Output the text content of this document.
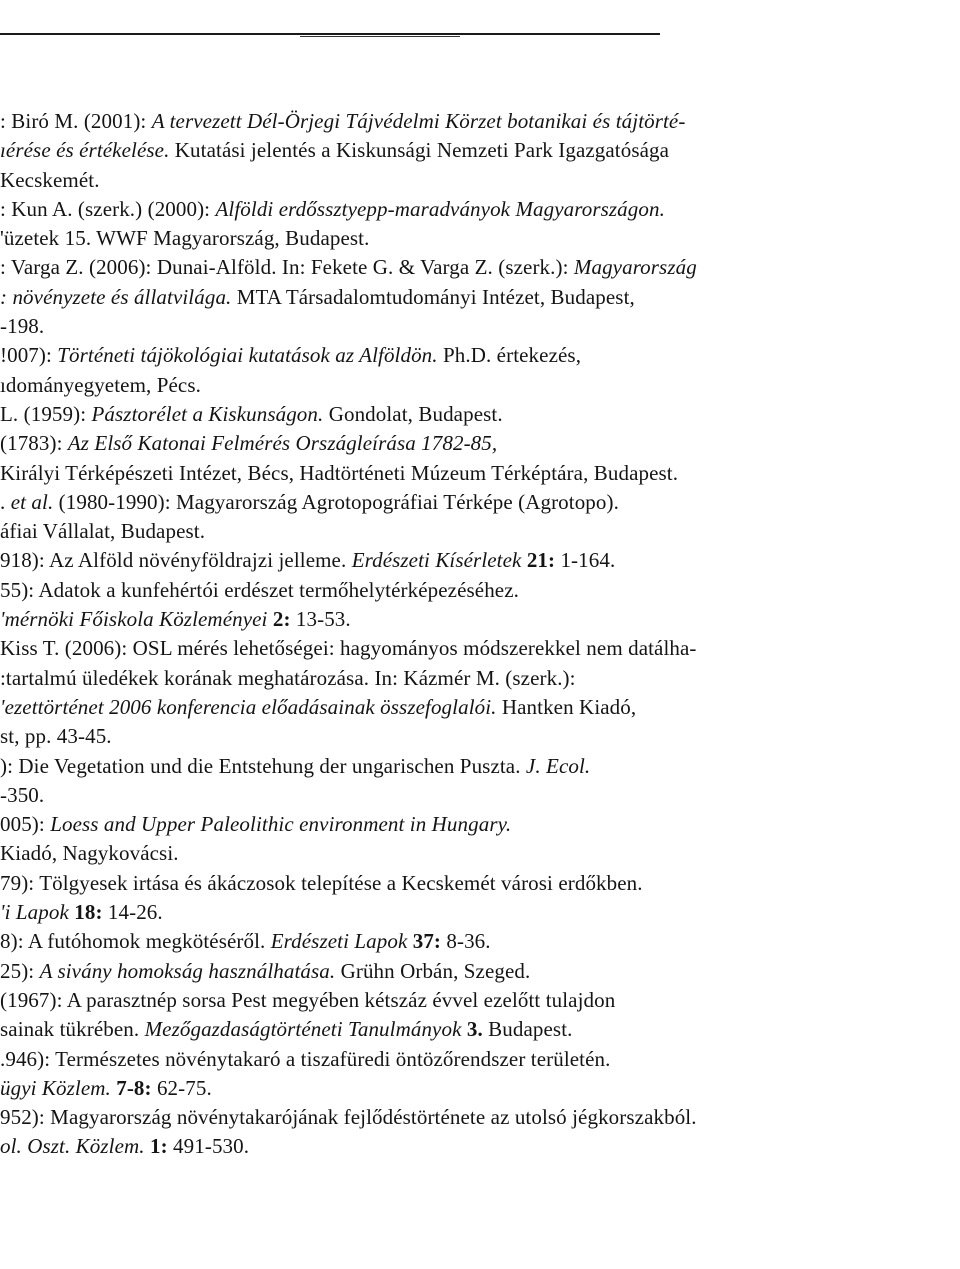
: Biró M. (2001): A tervezett Dél-Örjegi Tájvédelmi Körzet botanikai és tájtörté-
ıérése és értékelése. Kutatási jelentés a Kiskunsági Nemzeti Park Igazgatósága
Kecskemét.
: Kun A. (szerk.) (2000): Alföldi erdőssztyepp-maradványok Magyarországon.
'üzetek 15. WWF Magyarország, Budapest.
: Varga Z. (2006): Dunai-Alföld. In: Fekete G. & Varga Z. (szerk.): Magyarország
: növényzete és állatvilága. MTA Társadalomtudományi Intézet, Budapest,
-198.
!007): Történeti tájökológiai kutatások az Alföldön. Ph.D. értekezés,
ıdományegyetem, Pécs.
L. (1959): Pásztorélet a Kiskunságon. Gondolat, Budapest.
(1783): Az Első Katonai Felmérés Országleírása 1782-85,
Királyi Térképészeti Intézet, Bécs, Hadtörténeti Múzeum Térképtára, Budapest.
. et al. (1980-1990): Magyarország Agrotopográfiai Térképe (Agrotopo).
áfiai Vállalat, Budapest.
918): Az Alföld növényföldrajzi jelleme. Erdészeti Kísérletek 21: 1-164.
55): Adatok a kunfehértói erdészet termőhelytérképezéséhez.
'mérnöki Főiskola Közleményei 2: 13-53.
Kiss T. (2006): OSL mérés lehetőségei: hagyományos módszerekkel nem datálha-
:tartalmú üledékek korának meghatározása. In: Kázmér M. (szerk.):
'ezettörténet 2006 konferencia előadásainak összefoglalói. Hantken Kiadó,
st, pp. 43-45.
): Die Vegetation und die Entstehung der ungarischen Puszta. J. Ecol.
-350.
005): Loess and Upper Paleolithic environment in Hungary.
Kiadó, Nagykovácsi.
79): Tölgyesek irtása és ákáczosok telepítése a Kecskemét városi erdőkben.
'i Lapok 18: 14-26.
8): A futóhomok megkötéséről. Erdészeti Lapok 37: 8-36.
25): A sivány homokság használhatása. Grühn Orbán, Szeged.
(1967): A parasztnép sorsa Pest megyében kétszáz évvel ezelőtt tulajdon
sainak tükrében. Mezőgazdaságtörténeti Tanulmányok 3. Budapest.
.946): Természetes növénytakaró a tiszafüredi öntözőrendszer területén.
ügyi Közlem. 7-8: 62-75.
952): Magyarország növénytakarójának fejlődéstörténete az utolsó jégkorszakból.
ol. Oszt. Közlem. 1: 491-530.
